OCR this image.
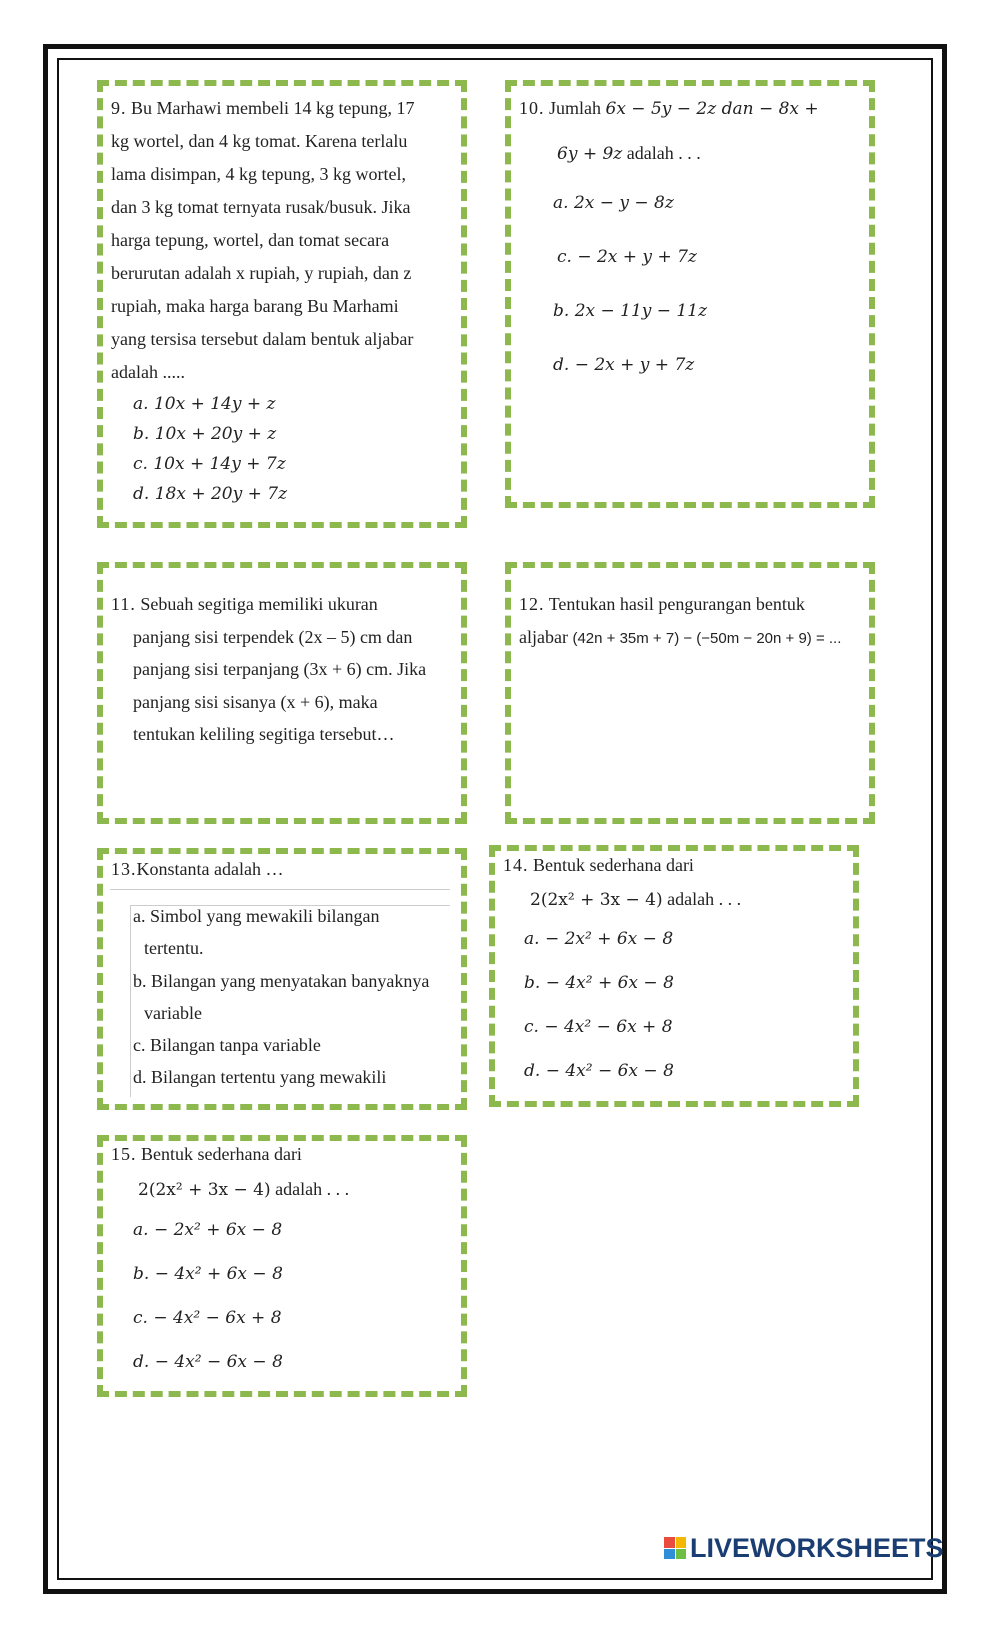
9. Bu Marhawi membeli 14 kg tepung, 17

kg wortel, dan 4 kg tomat. Karena terlalu

lama disimpan, 4 kg tepung, 3 kg wortel,

dan 3 kg tomat ternyata rusak/busuk. Jika

harga tepung, wortel, dan tomat secara

berurutan adalah x rupiah, y rupiah, dan z

rupiah, maka harga barang Bu Marhami

yang tersisa tersebut dalam bentuk aljabar

adalah .....

a. 10x + 14y + z

b. 10x + 20y + z

c. 10x + 14y + 7z

d. 18x + 20y + 7z

10. Jumlah 6x − 5y − 2z dan − 8x +

6y + 9z adalah . . .

a. 2x − y − 8z

c. − 2x + y + 7z

b. 2x − 11y − 11z

d. − 2x + y + 7z

11. Sebuah segitiga memiliki ukuran

panjang sisi terpendek (2x – 5) cm dan

panjang sisi terpanjang (3x + 6) cm. Jika

panjang sisi sisanya (x + 6), maka

tentukan keliling segitiga tersebut…

12. Tentukan hasil pengurangan bentuk

aljabar (42n + 35m + 7) − (−50m − 20n + 9) = ...

13.Konstanta adalah …

a. Simbol yang mewakili bilangan

tertentu.

b. Bilangan yang menyatakan banyaknya

variable

c. Bilangan tanpa variable

d. Bilangan tertentu yang mewakili

14. Bentuk sederhana dari

2(2x² + 3x − 4) adalah . . .

a. − 2x² + 6x − 8

b. − 4x² + 6x − 8

c. − 4x² − 6x + 8

d. − 4x² − 6x − 8

15. Bentuk sederhana dari

2(2x² + 3x − 4) adalah . . .

a. − 2x² + 6x − 8

b. − 4x² + 6x − 8

c. − 4x² − 6x + 8

d. − 4x² − 6x − 8

LIVEWORKSHEETS
